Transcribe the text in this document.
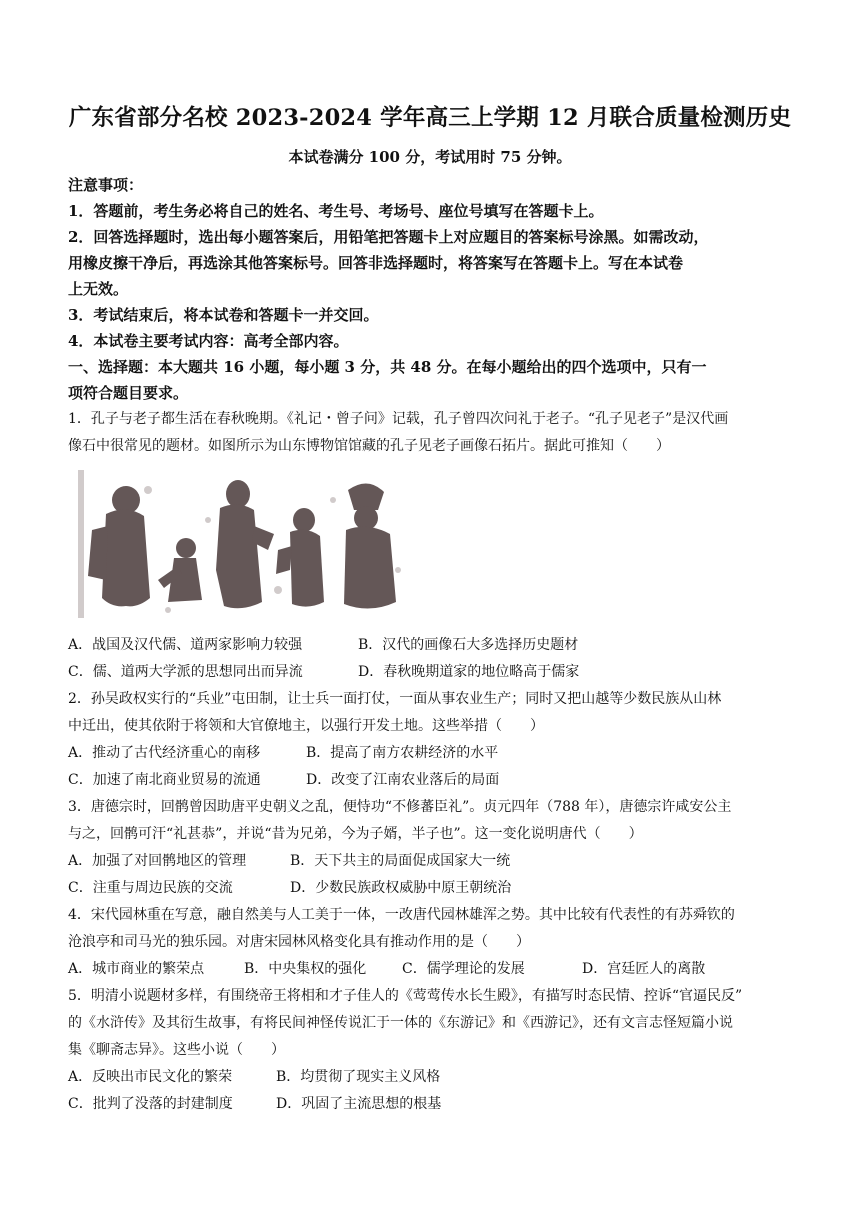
广东省部分名校 2023-2024 学年高三上学期 12 月联合质量检测历史
本试卷满分 100 分，考试用时 75 分钟。
注意事项：
1．答题前，考生务必将自己的姓名、考生号、考场号、座位号填写在答题卡上。
2．回答选择题时，选出每小题答案后，用铅笔把答题卡上对应题目的答案标号涂黑。如需改动，
用橡皮擦干净后，再选涂其他答案标号。回答非选择题时，将答案写在答题卡上。写在本试卷
上无效。
3．考试结束后，将本试卷和答题卡一并交回。
4．本试卷主要考试内容：高考全部内容。
一、选择题：本大题共 16 小题，每小题 3 分，共 48 分。在每小题给出的四个选项中，只有一
项符合题目要求。
1．孔子与老子都生活在春秋晚期。《礼记・曾子问》记载，孔子曾四次问礼于老子。“孔子见老子”是汉代画
像石中很常见的题材。如图所示为山东博物馆馆藏的孔子见老子画像石拓片。据此可推知（　　）
A．战国及汉代儒、道两家影响力较强	B．汉代的画像石大多选择历史题材
C．儒、道两大学派的思想同出而异流	D．春秋晚期道家的地位略高于儒家
2．孙吴政权实行的“兵业”屯田制，让士兵一面打仗，一面从事农业生产；同时又把山越等少数民族从山林
中迁出，使其依附于将领和大官僚地主，以强行开发土地。这些举措（　　）
A．推动了古代经济重心的南移	B．提高了南方农耕经济的水平
C．加速了南北商业贸易的流通	D．改变了江南农业落后的局面
3．唐德宗时，回鹘曾因助唐平史朝义之乱，便恃功“不修蕃臣礼”。贞元四年（788 年），唐德宗许咸安公主
与之，回鹘可汗“礼甚恭”，并说“昔为兄弟，今为子婿，半子也”。这一变化说明唐代（　　）
A．加强了对回鹘地区的管理	B．天下共主的局面促成国家大一统
C．注重与周边民族的交流	D．少数民族政权威胁中原王朝统治
4．宋代园林重在写意，融自然美与人工美于一体，一改唐代园林雄浑之势。其中比较有代表性的有苏舜钦的
沧浪亭和司马光的独乐园。对唐宋园林风格变化具有推动作用的是（　　）
A．城市商业的繁荣点	B．中央集权的强化	C．儒学理论的发展	D．宫廷匠人的离散
5．明清小说题材多样，有围绕帝王将相和才子佳人的《莺莺传水长生殿》，有描写时态民情、控诉“官逼民反”
的《水浒传》及其衍生故事，有将民间神怪传说汇于一体的《东游记》和《西游记》，还有文言志怪短篇小说
集《聊斋志异》。这些小说（　　）
A．反映出市民文化的繁荣	B．均贯彻了现实主义风格
C．批判了没落的封建制度	D．巩固了主流思想的根基
